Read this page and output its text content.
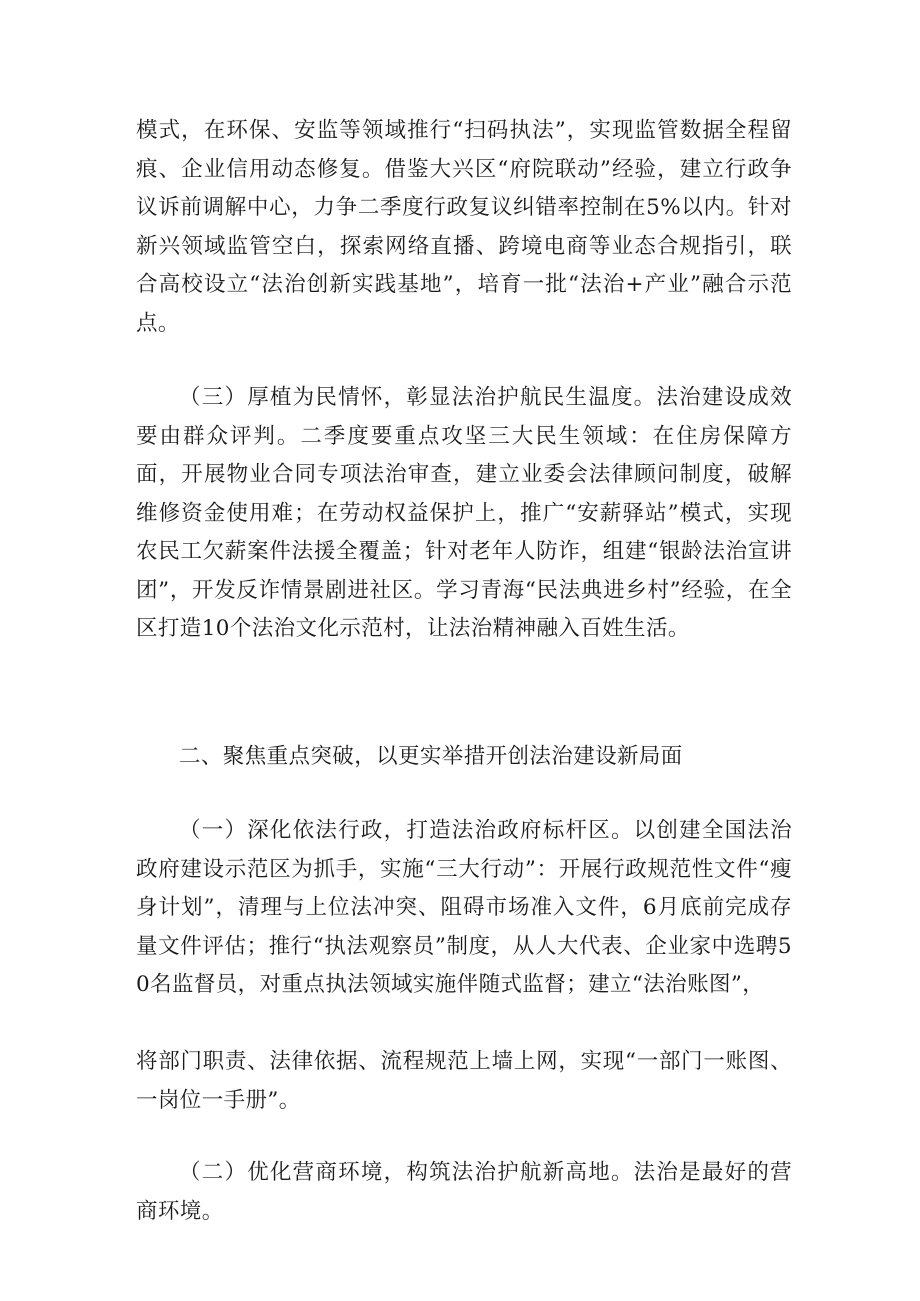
模式，在环保、安监等领域推行“扫码执法”，实现监管数据全程留痕、企业信用动态修复。借鉴大兴区“府院联动”经验，建立行政争议诉前调解中心，力争二季度行政复议纠错率控制在5%以内。针对新兴领域监管空白，探索网络直播、跨境电商等业态合规指引，联合高校设立“法治创新实践基地”，培育一批“法治+产业”融合示范点。

（三）厚植为民情怀，彰显法治护航民生温度。法治建设成效要由群众评判。二季度要重点攻坚三大民生领域：在住房保障方面，开展物业合同专项法治审查，建立业委会法律顾问制度，破解维修资金使用难；在劳动权益保护上，推广“安薪驿站”模式，实现农民工欠薪案件法援全覆盖；针对老年人防诈，组建“银龄法治宣讲团”，开发反诈情景剧进社区。学习青海“民法典进乡村”经验，在全区打造10个法治文化示范村，让法治精神融入百姓生活。

二、聚焦重点突破，以更实举措开创法治建设新局面

（一）深化依法行政，打造法治政府标杆区。以创建全国法治政府建设示范区为抓手，实施“三大行动”：开展行政规范性文件“瘦身计划”，清理与上位法冲突、阻碍市场准入文件，6月底前完成存量文件评估；推行“执法观察员”制度，从人大代表、企业家中选聘50名监督员，对重点执法领域实施伴随式监督；建立“法治账图”，

将部门职责、法律依据、流程规范上墙上网，实现“一部门一账图、一岗位一手册”。

（二）优化营商环境，构筑法治护航新高地。法治是最好的营商环境。
